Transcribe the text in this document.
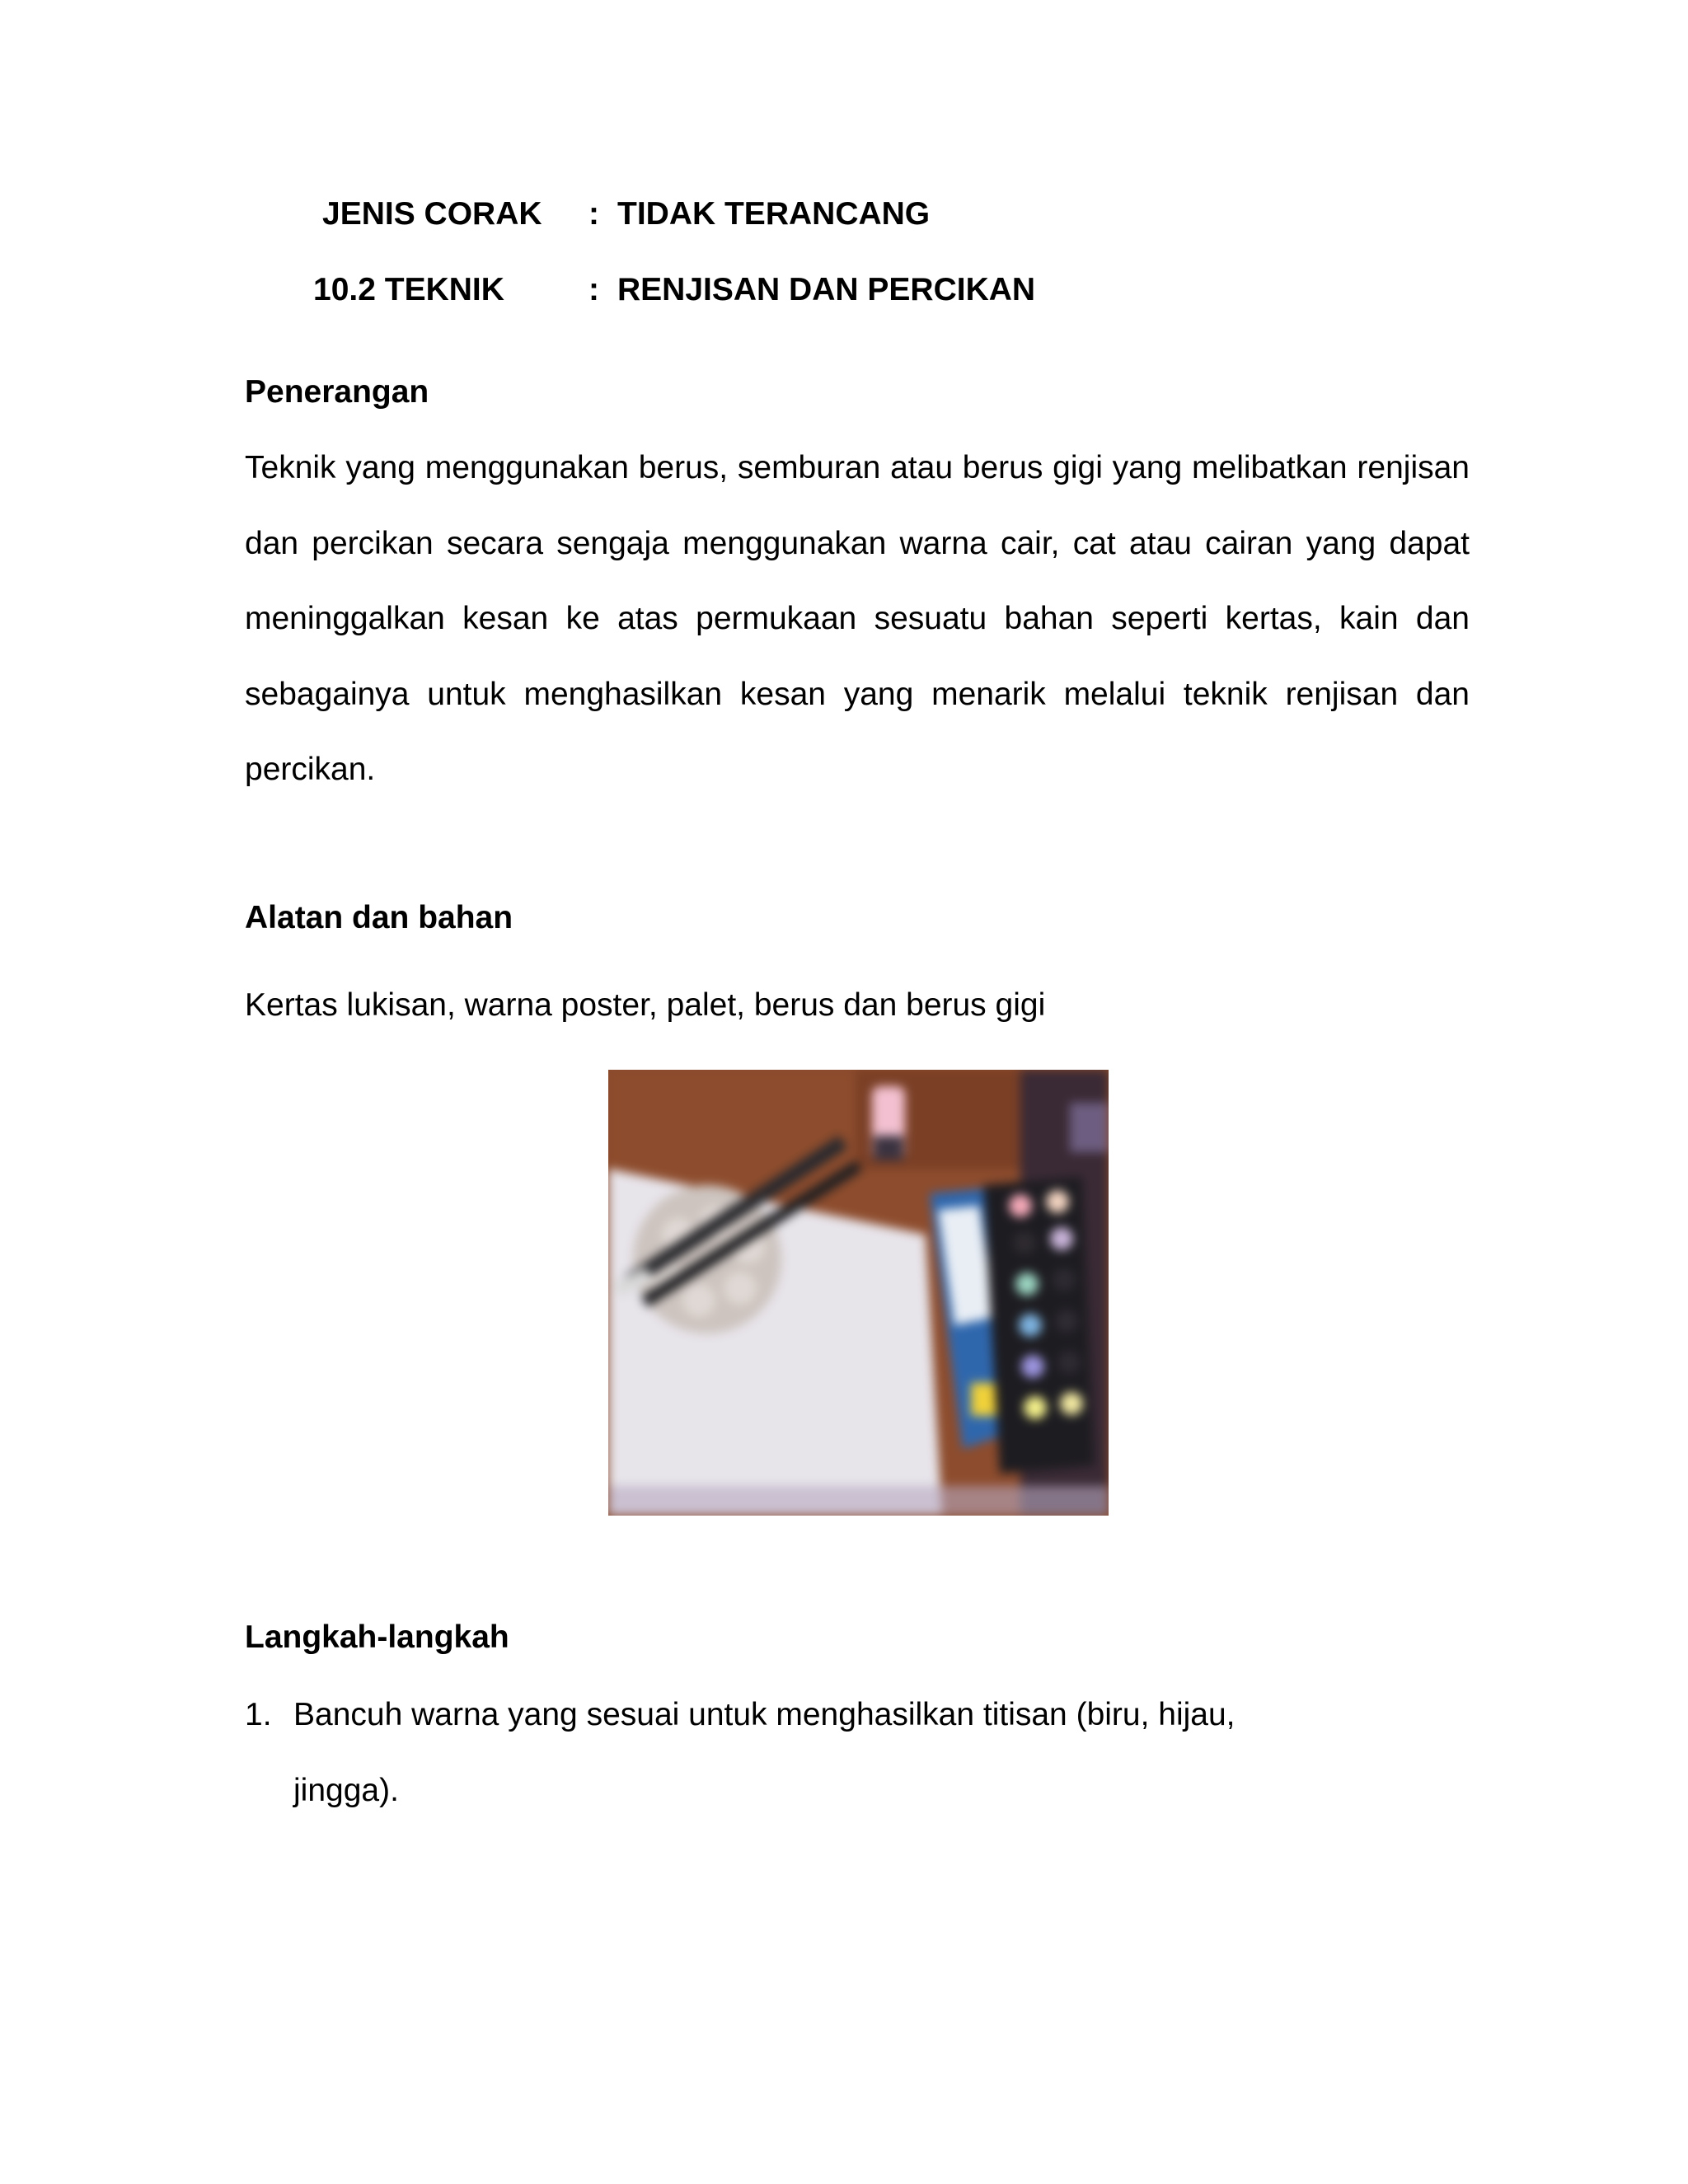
JENIS CORAK : TIDAK TERANCANG
10.2 TEKNIK	: RENJISAN DAN PERCIKAN
Penerangan
Teknik yang menggunakan berus, semburan atau berus gigi yang melibatkan renjisan dan percikan secara sengaja menggunakan warna cair, cat atau cairan yang dapat meninggalkan kesan ke atas permukaan sesuatu bahan seperti kertas, kain dan sebagainya untuk menghasilkan kesan yang menarik melalui teknik renjisan dan percikan.
Alatan dan bahan
Kertas lukisan, warna poster, palet, berus dan berus gigi
Langkah-langkah
1. Bancuh warna yang sesuai untuk menghasilkan titisan (biru, hijau, jingga).
